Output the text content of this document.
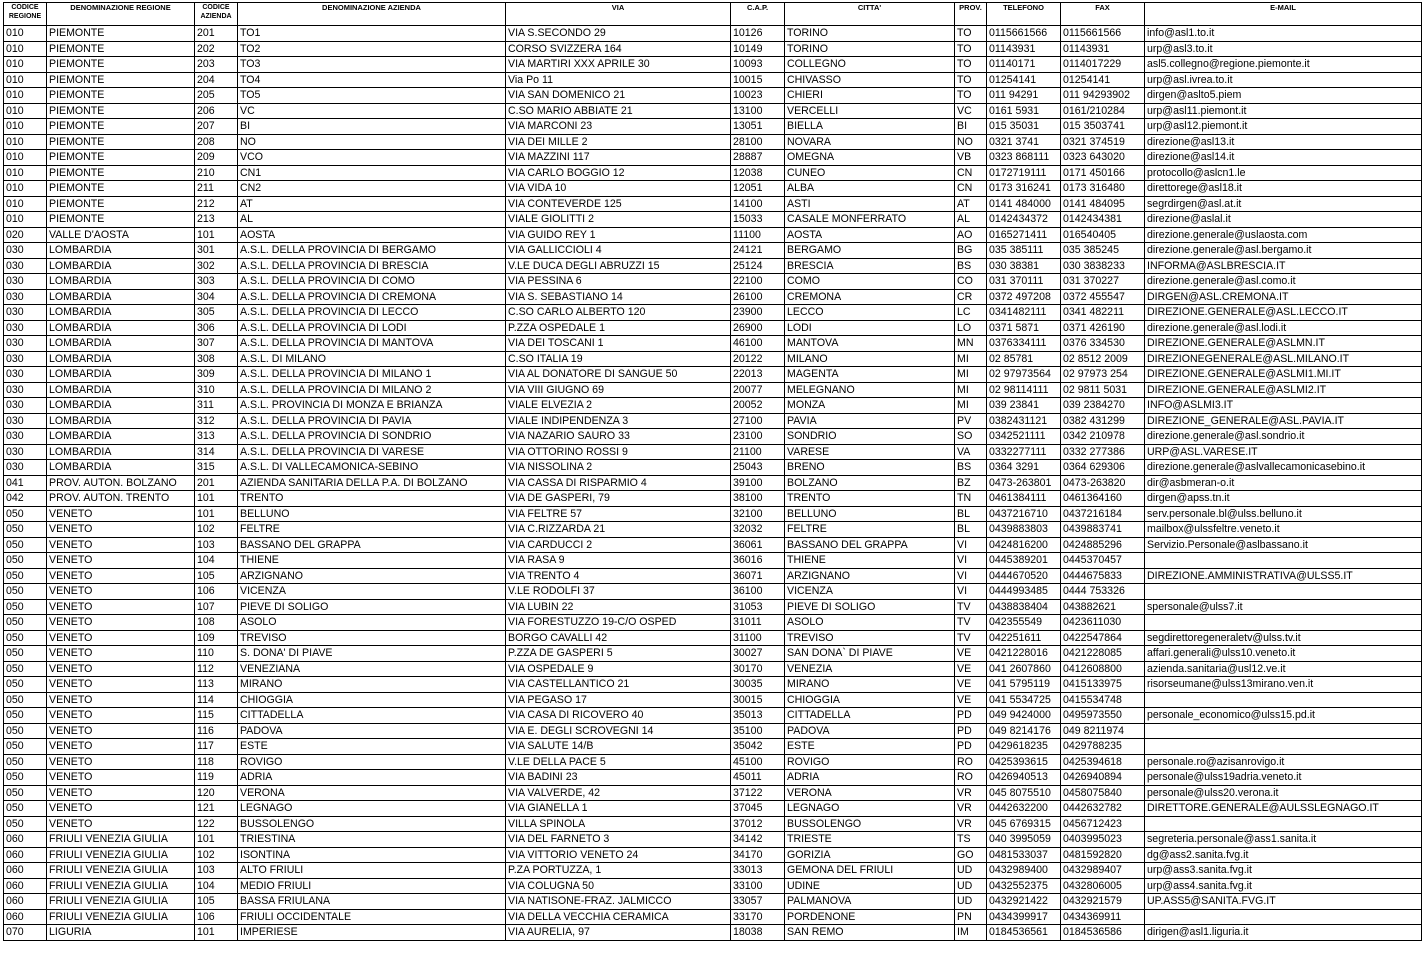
CODICE REGIONE	DENOMINAZIONE REGIONE	CODICE AZIENDA	DENOMINAZIONE AZIENDA	VIA	C.A.P.	CITTA'	PROV.	TELEFONO	FAX	E-MAIL
010	PIEMONTE	201	TO1	VIA S.SECONDO 29	10126	TORINO	TO	0115661566	0115661566	info@asl1.to.it
010	PIEMONTE	202	TO2	CORSO SVIZZERA 164	10149	TORINO	TO	01143931	01143931	urp@asl3.to.it
010	PIEMONTE	203	TO3	VIA MARTIRI XXX APRILE 30	10093	COLLEGNO	TO	01140171	0114017229	asl5.collegno@regione.piemonte.it
010	PIEMONTE	204	TO4	Via Po 11	10015	CHIVASSO	TO	01254141	01254141	urp@asl.ivrea.to.it
010	PIEMONTE	205	TO5	VIA SAN DOMENICO 21	10023	CHIERI	TO	011 94291	011 94293902	dirgen@aslto5.piem
010	PIEMONTE	206	VC	C.SO MARIO ABBIATE 21	13100	VERCELLI	VC	0161 5931	0161/210284	urp@asl11.piemont.it
010	PIEMONTE	207	BI	VIA MARCONI 23	13051	BIELLA	BI	015 35031	015 3503741	urp@asl12.piemont.it
010	PIEMONTE	208	NO	VIA DEI MILLE 2	28100	NOVARA	NO	0321 3741	0321 374519	direzione@asl13.it
010	PIEMONTE	209	VCO	VIA MAZZINI 117	28887	OMEGNA	VB	0323 868111	0323 643020	direzione@asl14.it
010	PIEMONTE	210	CN1	VIA CARLO BOGGIO 12	12038	CUNEO	CN	0172719111	0171 450166	protocollo@aslcn1.le
010	PIEMONTE	211	CN2	VIA VIDA 10	12051	ALBA	CN	0173 316241	0173 316480	direttorege@asl18.it
010	PIEMONTE	212	AT	VIA CONTEVERDE 125	14100	ASTI	AT	0141 484000	0141 484095	segrdirgen@asl.at.it
010	PIEMONTE	213	AL	VIALE GIOLITTI 2	15033	CASALE MONFERRATO	AL	0142434372	0142434381	direzione@aslal.it
020	VALLE D'AOSTA	101	AOSTA	VIA GUIDO REY 1	11100	AOSTA	AO	0165271411	016540405	direzione.generale@uslaosta.com
030	LOMBARDIA	301	A.S.L. DELLA PROVINCIA DI BERGAMO	VIA GALLICCIOLI 4	24121	BERGAMO	BG	035 385111	035 385245	direzione.generale@asl.bergamo.it
030	LOMBARDIA	302	A.S.L. DELLA PROVINCIA DI BRESCIA	V.LE DUCA DEGLI ABRUZZI 15	25124	BRESCIA	BS	030 38381	030 3838233	INFORMA@ASLBRESCIA.IT
030	LOMBARDIA	303	A.S.L. DELLA PROVINCIA DI COMO	VIA PESSINA 6	22100	COMO	CO	031 370111	031 370227	direzione.generale@asl.como.it
030	LOMBARDIA	304	A.S.L. DELLA PROVINCIA DI CREMONA	VIA S. SEBASTIANO 14	26100	CREMONA	CR	0372 497208	0372 455547	DIRGEN@ASL.CREMONA.IT
030	LOMBARDIA	305	A.S.L. DELLA PROVINCIA DI LECCO	C.SO CARLO ALBERTO 120	23900	LECCO	LC	0341482111	0341 482211	DIREZIONE.GENERALE@ASL.LECCO.IT
030	LOMBARDIA	306	A.S.L. DELLA PROVINCIA DI LODI	P.ZZA OSPEDALE 1	26900	LODI	LO	0371 5871	0371 426190	direzione.generale@asl.lodi.it
030	LOMBARDIA	307	A.S.L. DELLA PROVINCIA DI MANTOVA	VIA DEI TOSCANI 1	46100	MANTOVA	MN	0376334111	0376 334530	DIREZIONE.GENERALE@ASLMN.IT
030	LOMBARDIA	308	A.S.L. DI MILANO	C.SO ITALIA 19	20122	MILANO	MI	02 85781	02 8512 2009	DIREZIONEGENERALE@ASL.MILANO.IT
030	LOMBARDIA	309	A.S.L. DELLA PROVINCIA DI MILANO 1	VIA AL DONATORE DI SANGUE 50	22013	MAGENTA	MI	02 97973564	02 97973 254	DIREZIONE.GENERALE@ASLMI1.MI.IT
030	LOMBARDIA	310	A.S.L. DELLA PROVINCIA DI MILANO 2	VIA VIII GIUGNO 69	20077	MELEGNANO	MI	02 98114111	02 9811 5031	DIREZIONE.GENERALE@ASLMI2.IT
030	LOMBARDIA	311	A.S.L. PROVINCIA DI MONZA E BRIANZA	VIALE ELVEZIA 2	20052	MONZA	MI	039 23841	039 2384270	INFO@ASLMI3.IT
030	LOMBARDIA	312	A.S.L. DELLA PROVINCIA DI PAVIA	VIALE INDIPENDENZA 3	27100	PAVIA	PV	0382431121	0382 431299	DIREZIONE_GENERALE@ASL.PAVIA.IT
030	LOMBARDIA	313	A.S.L. DELLA PROVINCIA DI SONDRIO	VIA NAZARIO SAURO 33	23100	SONDRIO	SO	0342521111	0342 210978	direzione.generale@asl.sondrio.it
030	LOMBARDIA	314	A.S.L. DELLA PROVINCIA DI VARESE	VIA OTTORINO ROSSI 9	21100	VARESE	VA	0332277111	0332 277386	URP@ASL.VARESE.IT
030	LOMBARDIA	315	A.S.L. DI VALLECAMONICA-SEBINO	VIA NISSOLINA 2	25043	BRENO	BS	0364 3291	0364 629306	direzione.generale@aslvallecamonicasebino.it
041	PROV. AUTON. BOLZANO	201	AZIENDA SANITARIA DELLA P.A. DI BOLZANO	VIA CASSA DI RISPARMIO 4	39100	BOLZANO	BZ	0473-263801	0473-263820	dir@asbmeran-o.it
042	PROV. AUTON. TRENTO	101	TRENTO	VIA DE GASPERI, 79	38100	TRENTO	TN	0461384111	0461364160	dirgen@apss.tn.it
050	VENETO	101	BELLUNO	VIA FELTRE 57	32100	BELLUNO	BL	0437216710	0437216184	serv.personale.bl@ulss.belluno.it
050	VENETO	102	FELTRE	VIA C.RIZZARDA 21	32032	FELTRE	BL	0439883803	0439883741	mailbox@ulssfeltre.veneto.it
050	VENETO	103	BASSANO DEL GRAPPA	VIA CARDUCCI 2	36061	BASSANO DEL GRAPPA	VI	0424816200	0424885296	Servizio.Personale@aslbassano.it
050	VENETO	104	THIENE	VIA RASA 9	36016	THIENE	VI	0445389201	0445370457	
050	VENETO	105	ARZIGNANO	VIA TRENTO 4	36071	ARZIGNANO	VI	0444670520	0444675833	DIREZIONE.AMMINISTRATIVA@ULSS5.IT
050	VENETO	106	VICENZA	V.LE RODOLFI 37	36100	VICENZA	VI	0444993485	0444 753326	
050	VENETO	107	PIEVE DI SOLIGO	VIA LUBIN 22	31053	PIEVE DI SOLIGO	TV	0438838404	043882621	spersonale@ulss7.it
050	VENETO	108	ASOLO	VIA FORESTUZZO 19-C/O OSPED	31011	ASOLO	TV	042355549	0423611030	
050	VENETO	109	TREVISO	BORGO CAVALLI 42	31100	TREVISO	TV	042251611	0422547864	segdirettoregeneraletv@ulss.tv.it
050	VENETO	110	S. DONA' DI PIAVE	P.ZZA DE GASPERI 5	30027	SAN DONA` DI PIAVE	VE	0421228016	0421228085	affari.generali@ulss10.veneto.it
050	VENETO	112	VENEZIANA	VIA OSPEDALE 9	30170	VENEZIA	VE	041 2607860	0412608800	azienda.sanitaria@usl12.ve.it
050	VENETO	113	MIRANO	VIA CASTELLANTICO 21	30035	MIRANO	VE	041 5795119	0415133975	risorseumane@ulss13mirano.ven.it
050	VENETO	114	CHIOGGIA	VIA PEGASO 17	30015	CHIOGGIA	VE	041 5534725	0415534748	
050	VENETO	115	CITTADELLA	VIA CASA DI RICOVERO 40	35013	CITTADELLA	PD	049 9424000	0495973550	personale_economico@ulss15.pd.it
050	VENETO	116	PADOVA	VIA E. DEGLI SCROVEGNI 14	35100	PADOVA	PD	049 8214176	049 8211974	
050	VENETO	117	ESTE	VIA SALUTE 14/B	35042	ESTE	PD	0429618235	0429788235	
050	VENETO	118	ROVIGO	V.LE DELLA PACE 5	45100	ROVIGO	RO	0425393615	0425394618	personale.ro@azisanrovigo.it
050	VENETO	119	ADRIA	VIA BADINI 23	45011	ADRIA	RO	0426940513	0426940894	personale@ulss19adria.veneto.it
050	VENETO	120	VERONA	VIA VALVERDE, 42	37122	VERONA	VR	045 8075510	0458075840	personale@ulss20.verona.it
050	VENETO	121	LEGNAGO	VIA GIANELLA 1	37045	LEGNAGO	VR	0442632200	0442632782	DIRETTORE.GENERALE@AULSSLEGNAGO.IT
050	VENETO	122	BUSSOLENGO	VILLA SPINOLA	37012	BUSSOLENGO	VR	045 6769315	0456712423	
060	FRIULI VENEZIA GIULIA	101	TRIESTINA	VIA DEL FARNETO 3	34142	TRIESTE	TS	040 3995059	0403995023	segreteria.personale@ass1.sanita.it
060	FRIULI VENEZIA GIULIA	102	ISONTINA	VIA VITTORIO VENETO 24	34170	GORIZIA	GO	0481533037	0481592820	dg@ass2.sanita.fvg.it
060	FRIULI VENEZIA GIULIA	103	ALTO FRIULI	P.ZA PORTUZZA, 1	33013	GEMONA DEL FRIULI	UD	0432989400	0432989407	urp@ass3.sanita.fvg.it
060	FRIULI VENEZIA GIULIA	104	MEDIO FRIULI	VIA COLUGNA 50	33100	UDINE	UD	0432552375	0432806005	urp@ass4.sanita.fvg.it
060	FRIULI VENEZIA GIULIA	105	BASSA FRIULANA	VIA NATISONE-FRAZ. JALMICCO	33057	PALMANOVA	UD	0432921422	0432921579	UP.ASS5@SANITA.FVG.IT
060	FRIULI VENEZIA GIULIA	106	FRIULI OCCIDENTALE	VIA DELLA VECCHIA CERAMICA	33170	PORDENONE	PN	0434399917	0434369911	
070	LIGURIA	101	IMPERIESE	VIA AURELIA, 97	18038	SAN REMO	IM	0184536561	0184536586	dirigen@asl1.liguria.it
